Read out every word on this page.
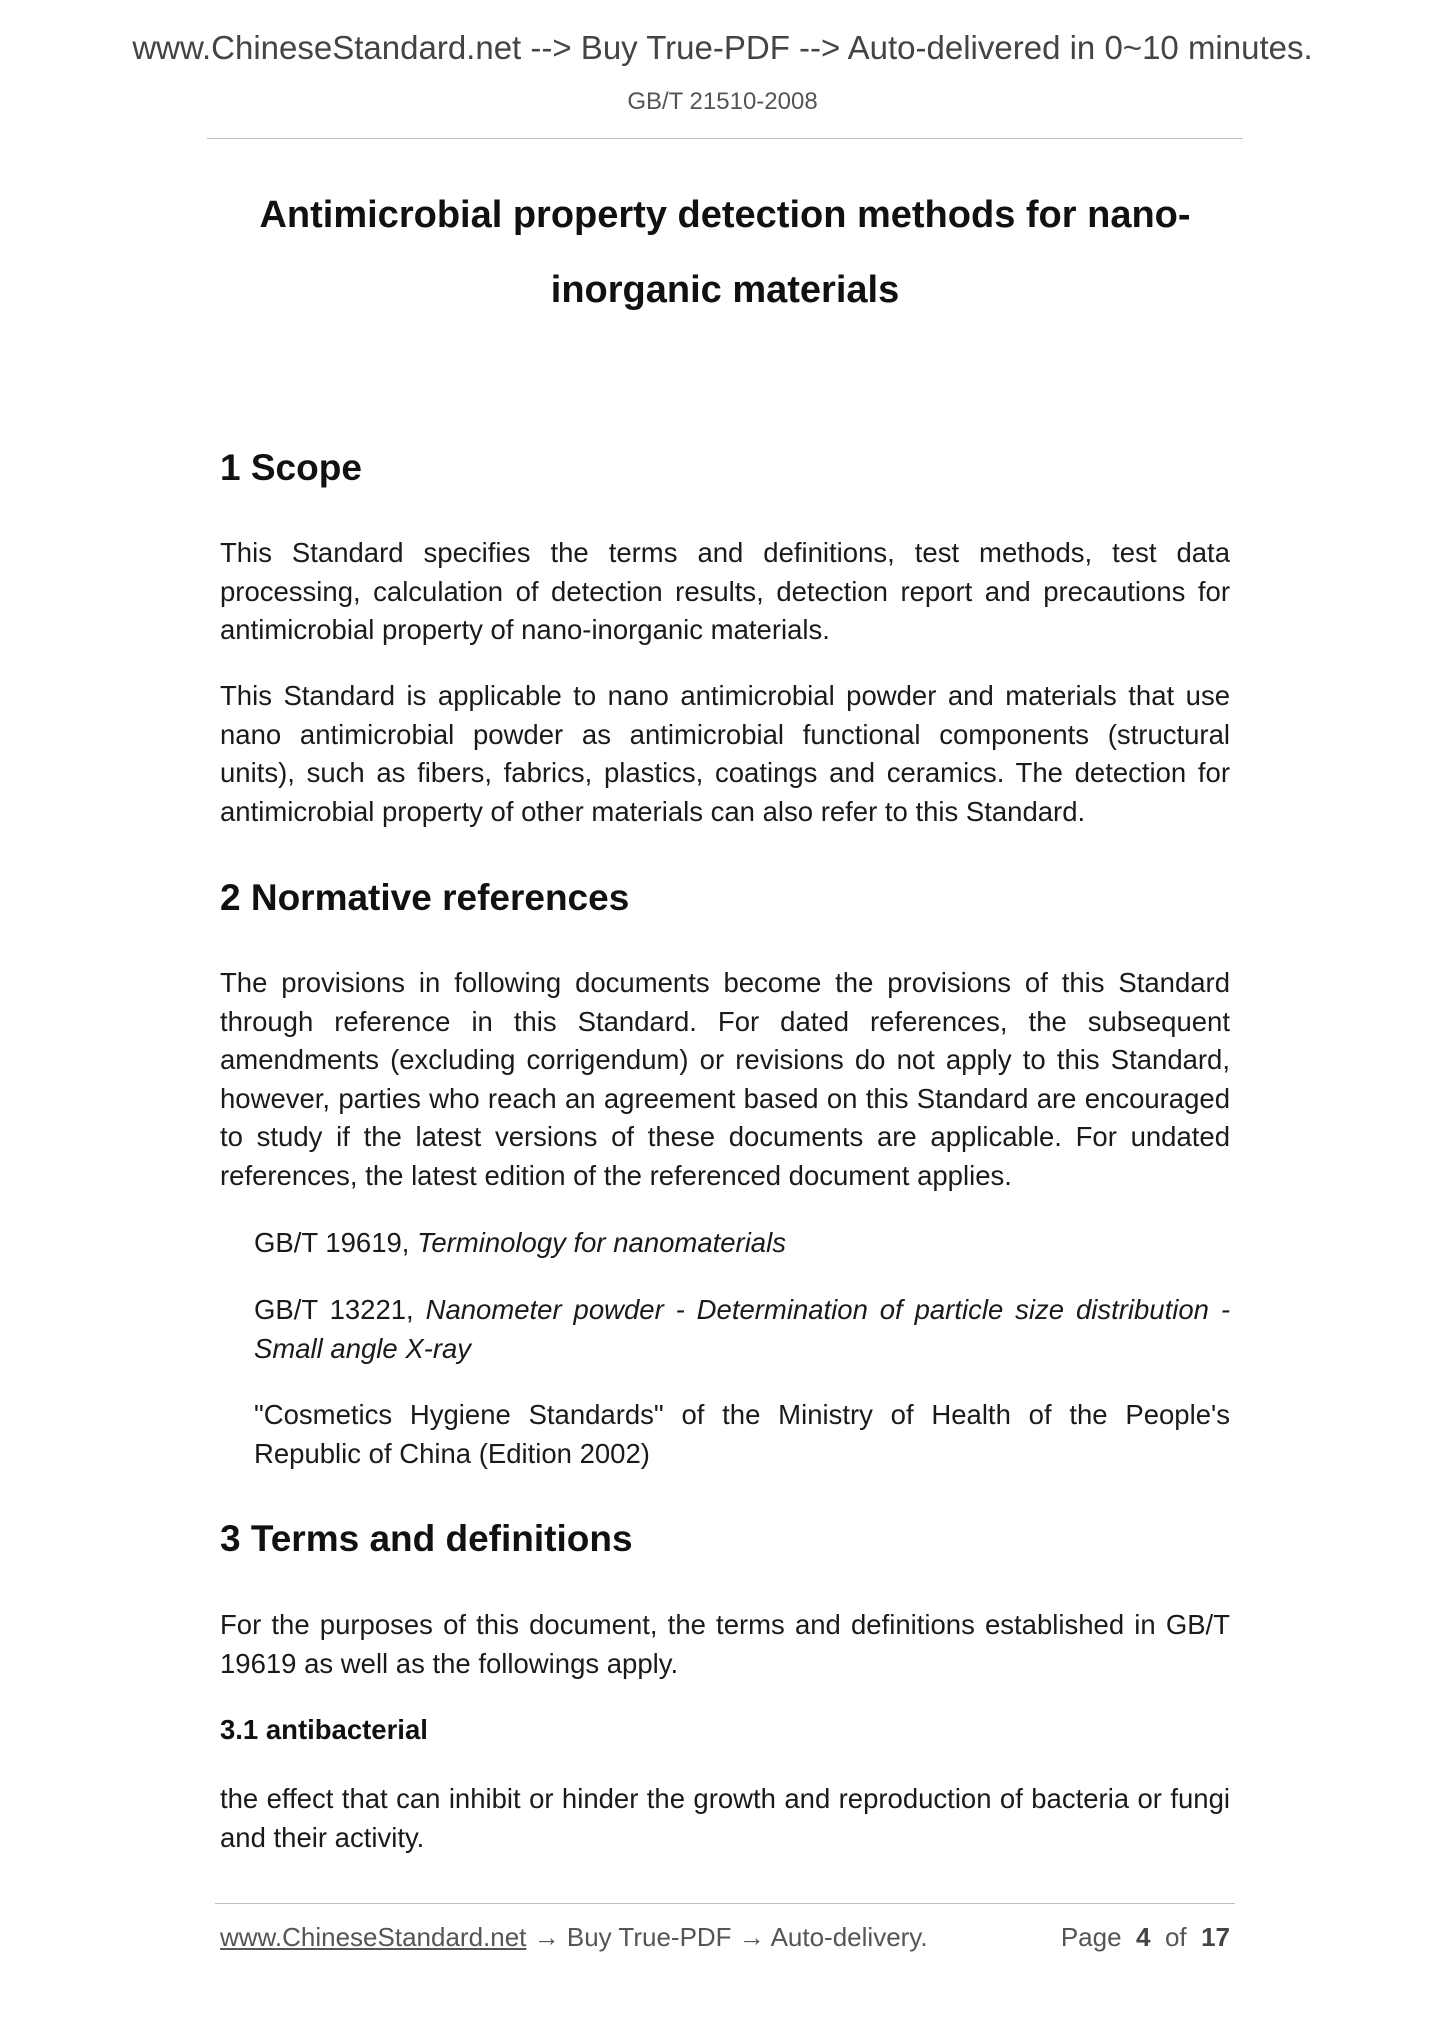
www.ChineseStandard.net --> Buy True-PDF --> Auto-delivered in 0~10 minutes.
GB/T 21510-2008
Antimicrobial property detection methods for nano-
inorganic materials
1 Scope
This Standard specifies the terms and definitions, test methods, test data processing, calculation of detection results, detection report and precautions for antimicrobial property of nano-inorganic materials.
This Standard is applicable to nano antimicrobial powder and materials that use nano antimicrobial powder as antimicrobial functional components (structural units), such as fibers, fabrics, plastics, coatings and ceramics. The detection for antimicrobial property of other materials can also refer to this Standard.
2 Normative references
The provisions in following documents become the provisions of this Standard through reference in this Standard. For dated references, the subsequent amendments (excluding corrigendum) or revisions do not apply to this Standard, however, parties who reach an agreement based on this Standard are encouraged to study if the latest versions of these documents are applicable. For undated references, the latest edition of the referenced document applies.
GB/T 19619, Terminology for nanomaterials
GB/T 13221, Nanometer powder - Determination of particle size distribution - Small angle X-ray
"Cosmetics Hygiene Standards" of the Ministry of Health of the People's Republic of China (Edition 2002)
3 Terms and definitions
For the purposes of this document, the terms and definitions established in GB/T 19619 as well as the followings apply.
3.1 antibacterial
the effect that can inhibit or hinder the growth and reproduction of bacteria or fungi and their activity.
www.ChineseStandard.net → Buy True-PDF → Auto-delivery.	Page 4 of 17
